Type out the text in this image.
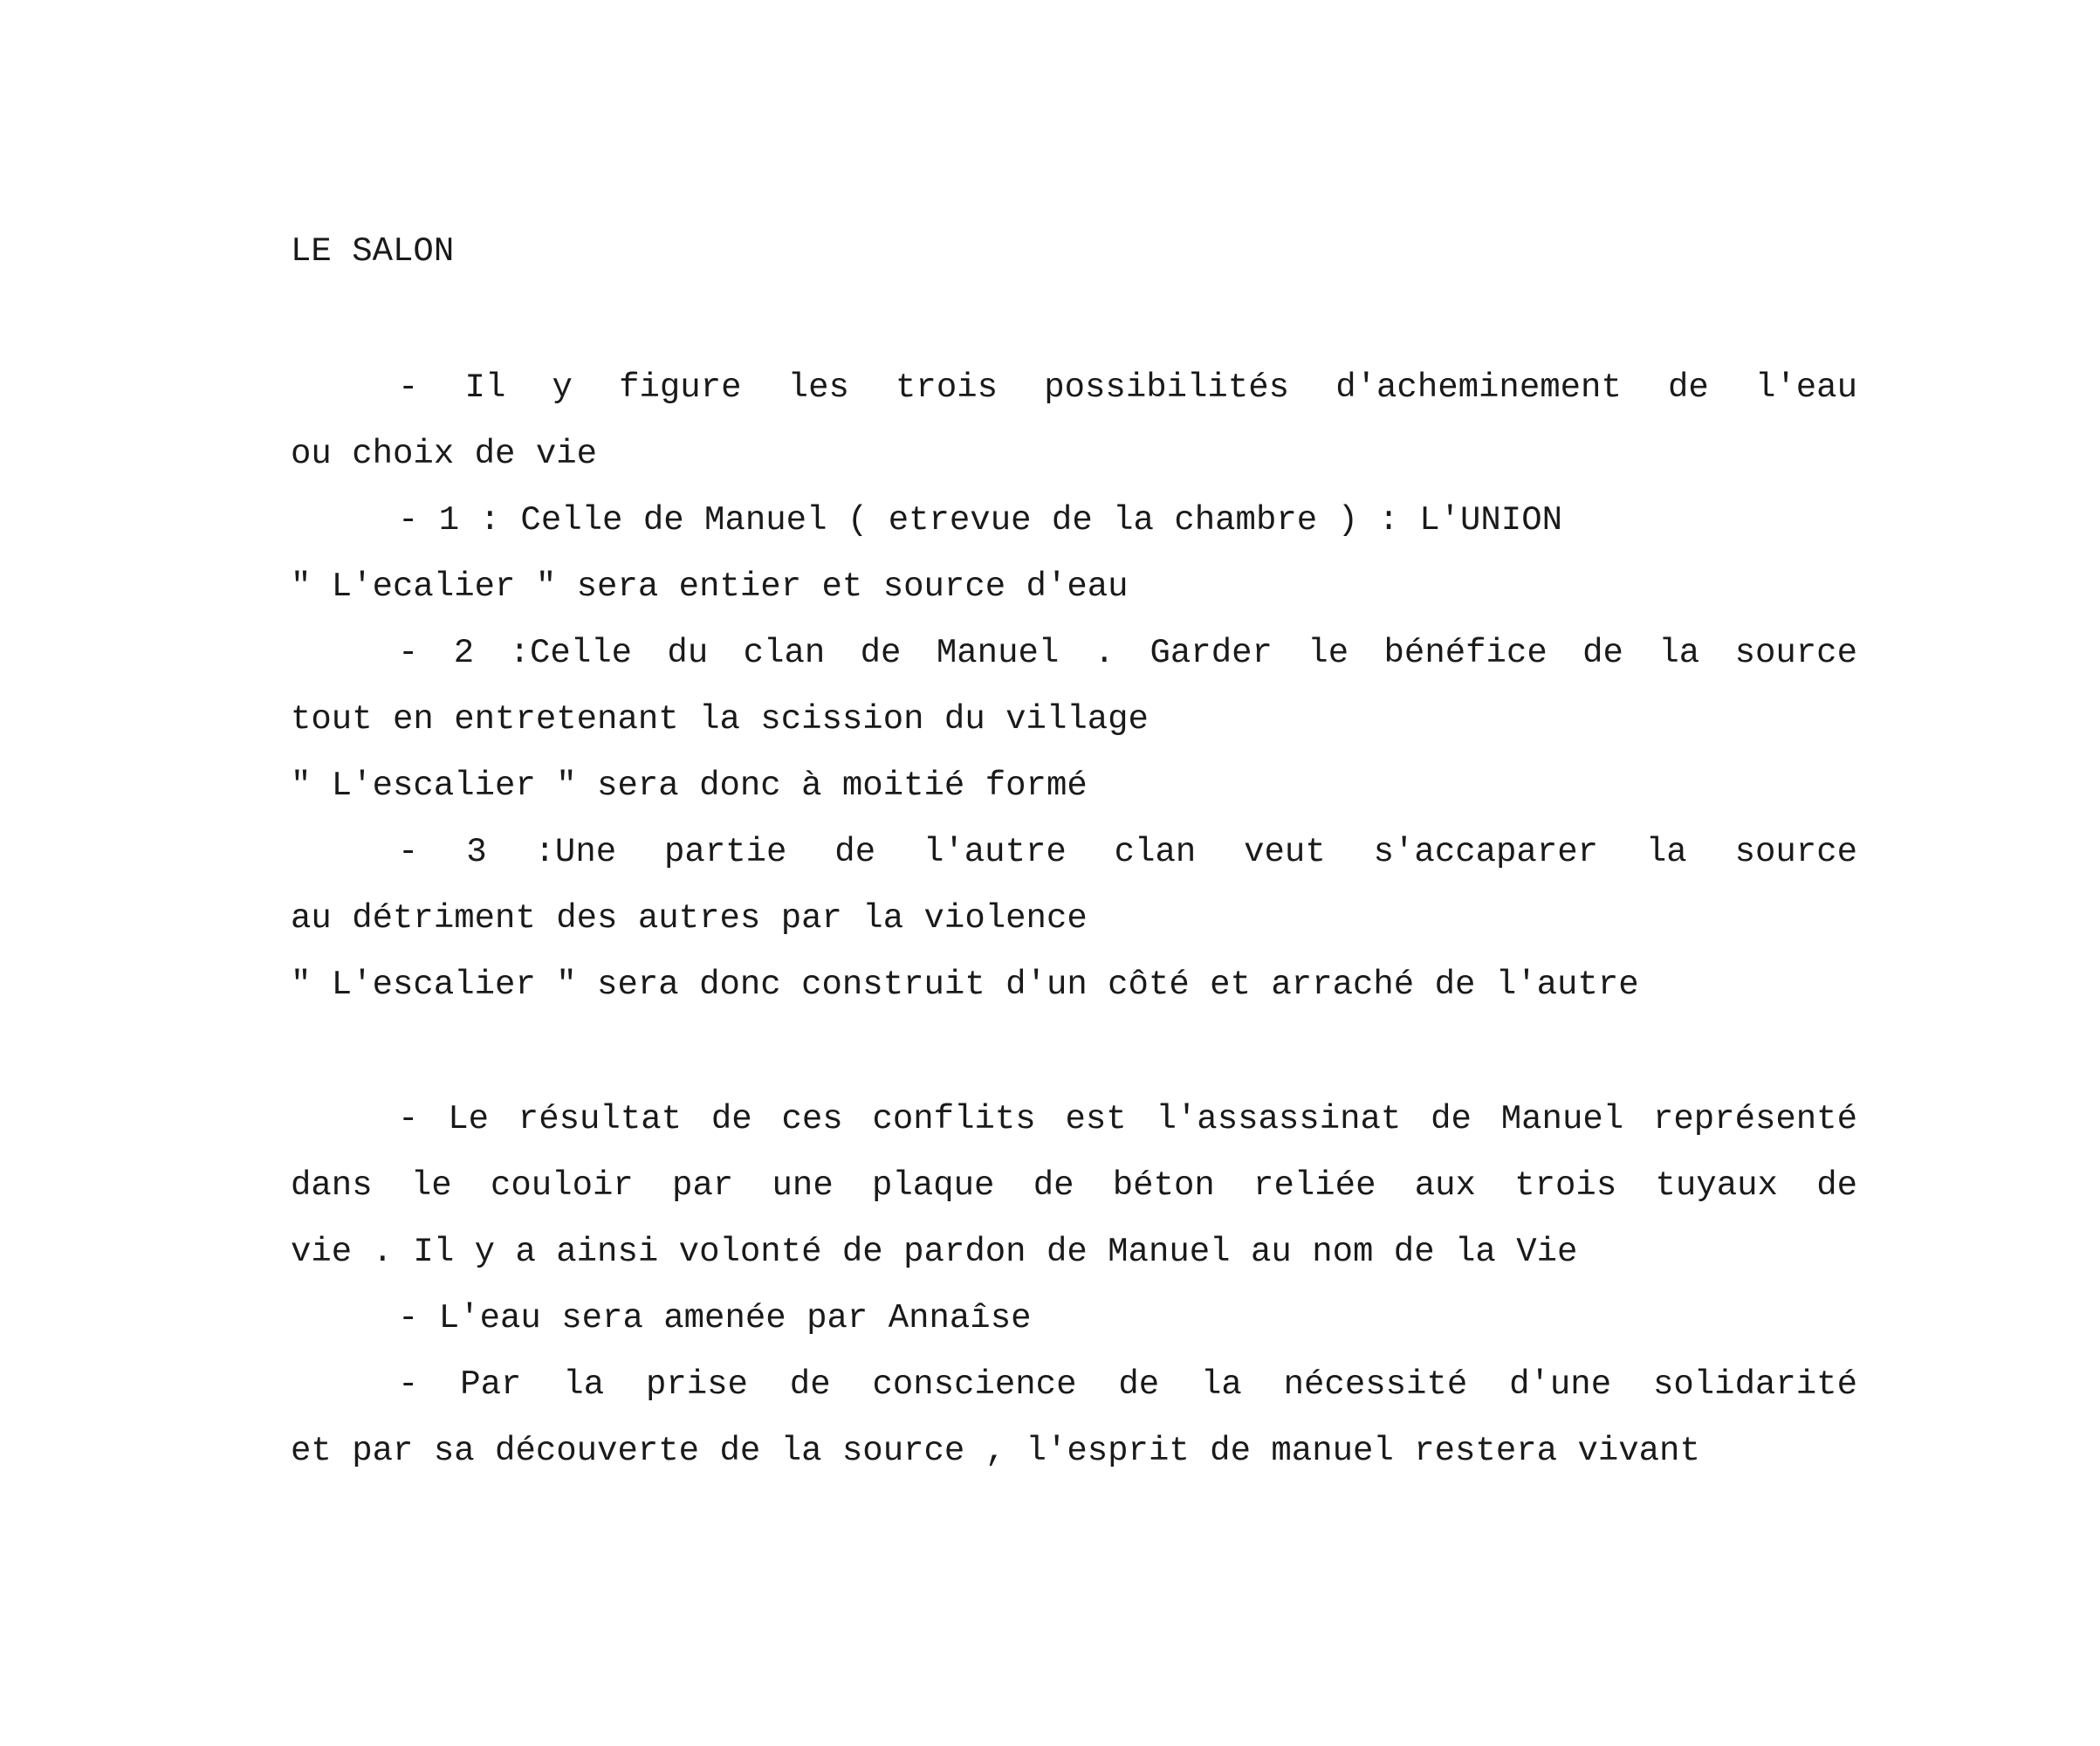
LE SALON

- Il y figure les trois possibilités d'acheminement de l'eau

ou choix de vie

- 1 : Celle de Manuel ( etrevue de la chambre ) : L'UNION

" L'ecalier " sera entier et source d'eau

- 2 :Celle du clan de Manuel . Garder le bénéfice de la source

tout en entretenant la scission du village

" L'escalier " sera donc à moitié formé

- 3 :Une partie de l'autre clan veut s'accaparer la source

au détriment des autres par la violence

" L'escalier " sera donc construit d'un côté et arraché de l'autre

- Le résultat de ces conflits est l'assassinat de Manuel représenté

dans le couloir par une plaque de béton reliée aux trois tuyaux de

vie . Il y a ainsi volonté de pardon de Manuel au nom de la Vie

- L'eau sera amenée par Annaîse

- Par la prise de conscience de la nécessité d'une solidarité

et par sa découverte de la source , l'esprit de manuel restera vivant
